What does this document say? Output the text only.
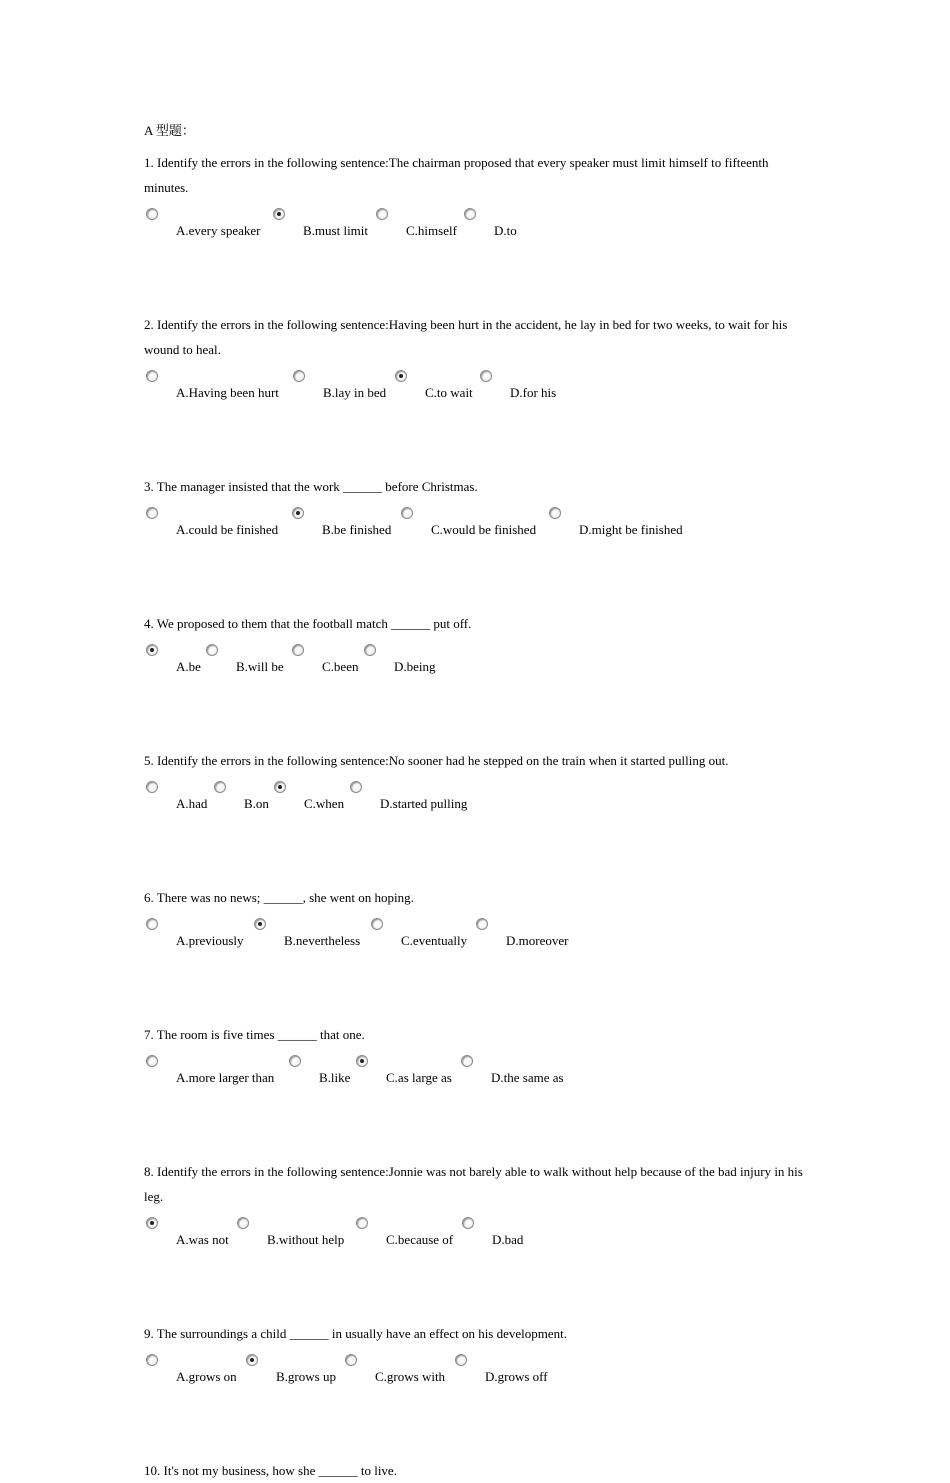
A 型题：

1. Identify the errors in the following sentence:The chairman proposed that every speaker must limit himself to fifteenth minutes.

A.every speaker	B.must limit	C.himself	D.to

2. Identify the errors in the following sentence:Having been hurt in the accident, he lay in bed for two weeks, to wait for his wound to heal.

A.Having been hurt	B.lay in bed	C.to wait	D.for his

3. The manager insisted that the work ______ before Christmas.

A.could be finished	B.be finished	C.would be finished	D.might be finished

4. We proposed to them that the football match ______ put off.

A.be	B.will be	C.been	D.being

5. Identify the errors in the following sentence:No sooner had he stepped on the train when it started pulling out.

A.had	B.on	C.when	D.started pulling

6. There was no news; ______, she went on hoping.

A.previously	B.nevertheless	C.eventually	D.moreover

7. The room is five times ______ that one.

A.more larger than	B.like	C.as large as	D.the same as

8. Identify the errors in the following sentence:Jonnie was not barely able to walk without help because of the bad injury in his leg.

A.was not	B.without help	C.because of	D.bad

9. The surroundings a child ______ in usually have an effect on his development.

A.grows on	B.grows up	C.grows with	D.grows off

10. It's not my business, how she ______ to live.
